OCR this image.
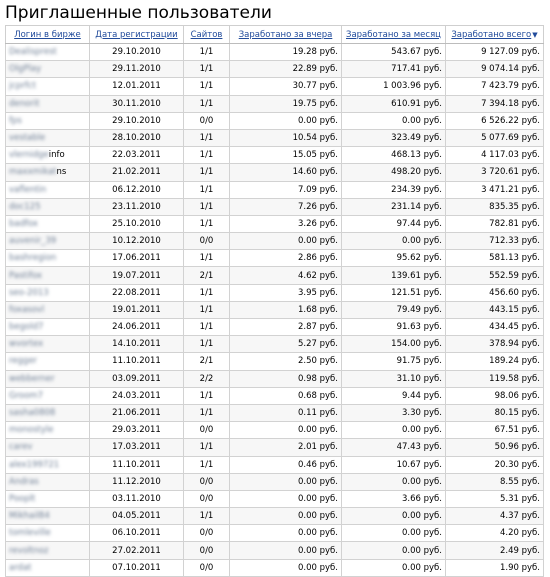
Приглашенные пользователи
Логин в бирже	Дата регистрации	Сайтов	Заработано за вчера	Заработано за месяц	Заработано всего▼
Dealisprest	29.10.2010	1/1	19.28 руб.	543.67 руб.	9 127.09 руб.
OlgPlay	29.11.2010	1/1	22.89 руб.	717.41 руб.	9 074.14 руб.
jcprfct	12.01.2011	1/1	30.77 руб.	1 003.96 руб.	7 423.79 руб.
denorit	30.11.2010	1/1	19.75 руб.	610.91 руб.	7 394.18 руб.
fps	29.10.2010	0/0	0.00 руб.	0.00 руб.	6 526.22 руб.
vestable	28.10.2010	1/1	10.54 руб.	323.49 руб.	5 077.69 руб.
vlernidgeinfo	22.03.2011	1/1	15.05 руб.	468.13 руб.	4 117.03 руб.
maxxmikatns	21.02.2011	1/1	14.60 руб.	498.20 руб.	3 720.61 руб.
vaflentin	06.12.2010	1/1	7.09 руб.	234.39 руб.	3 471.21 руб.
doc125	23.11.2010	1/1	7.26 руб.	231.14 руб.	835.35 руб.
badfox	25.10.2010	1/1	3.26 руб.	97.44 руб.	782.81 руб.
auvenir_39	10.12.2010	0/0	0.00 руб.	0.00 руб.	712.33 руб.
bashregion	17.06.2011	1/1	2.86 руб.	95.62 руб.	581.13 руб.
Pastifox	19.07.2011	2/1	4.62 руб.	139.61 руб.	552.59 руб.
seo-2013	22.08.2011	1/1	3.95 руб.	121.51 руб.	456.60 руб.
foxasovl	19.01.2011	1/1	1.68 руб.	79.49 руб.	443.15 руб.
begold7	24.06.2011	1/1	2.87 руб.	91.63 руб.	434.45 руб.
wvortex	14.10.2011	1/1	5.27 руб.	154.00 руб.	378.94 руб.
regger	11.10.2011	2/1	2.50 руб.	91.75 руб.	189.24 руб.
webberner	03.09.2011	2/2	0.98 руб.	31.10 руб.	119.58 руб.
Groom7	24.03.2011	1/1	0.68 руб.	9.44 руб.	98.06 руб.
sasha0808	21.06.2011	1/1	0.11 руб.	3.30 руб.	80.15 руб.
monostyle	29.03.2011	0/0	0.00 руб.	0.00 руб.	67.51 руб.
carev	17.03.2011	1/1	2.01 руб.	47.43 руб.	50.96 руб.
alex199721	11.10.2011	1/1	0.46 руб.	10.67 руб.	20.30 руб.
Andras	11.12.2010	0/0	0.00 руб.	0.00 руб.	8.55 руб.
Pooplt	03.11.2010	0/0	0.00 руб.	3.66 руб.	5.31 руб.
Mikhail84	04.05.2011	1/1	0.00 руб.	0.00 руб.	4.37 руб.
tomleville	06.10.2011	0/0	0.00 руб.	0.00 руб.	4.20 руб.
revoltnoz	27.02.2011	0/0	0.00 руб.	0.00 руб.	2.49 руб.
ardat	07.10.2011	0/0	0.00 руб.	0.00 руб.	1.90 руб.
